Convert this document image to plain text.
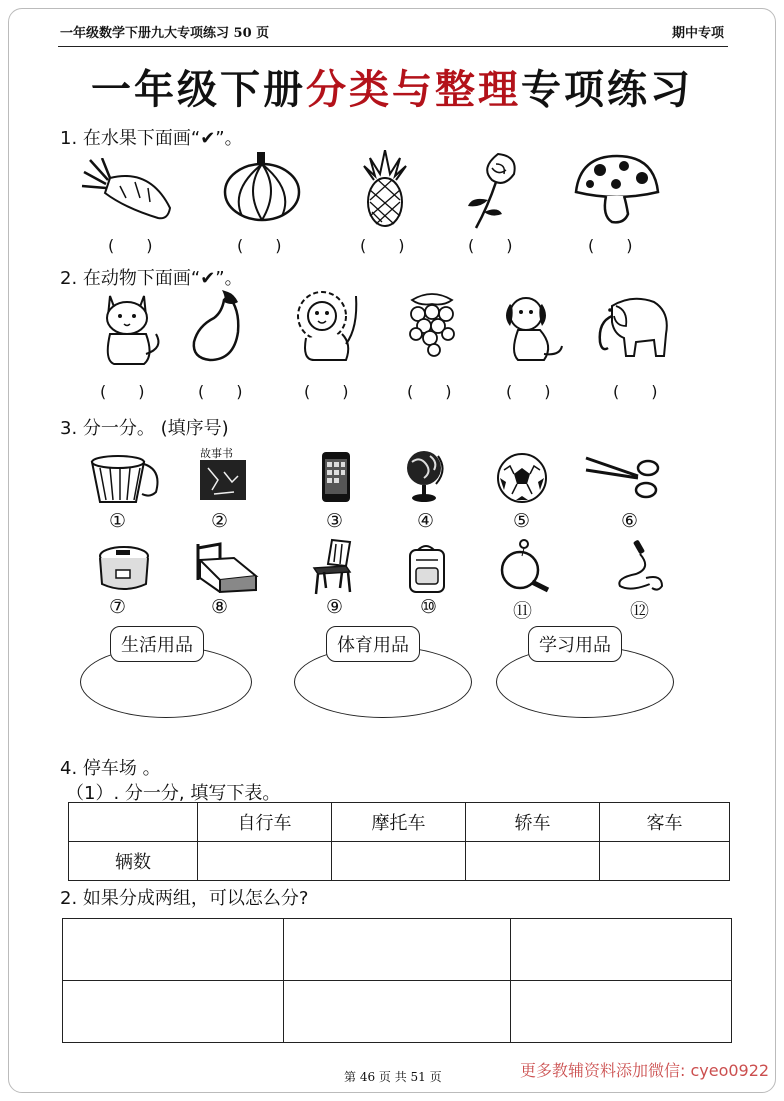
一年级数学下册九大专项练习 50 页	期中专项
一年级下册分类与整理专项练习
1. 在水果下面画“✔”。
(　　)	(　　)	(　　)	(　　)	(　　)
2. 在动物下面画“✔”。
(　　)	(　　)	(　　)	(　　)	(　　)	(　　)
3. 分一分。 (填序号)
故事书
①	②	③	④	⑤	⑥
⑦	⑧	⑨	⑩	⑪	⑫
生活用品	体育用品	学习用品
4. 停车场 。
（1）. 分一分, 填写下表。
	自行车	摩托车	轿车	客车
辆数				
2. 如果分成两组，可以怎么分?

第 46 页 共 51 页	更多教辅资料添加微信: cyeo0922
